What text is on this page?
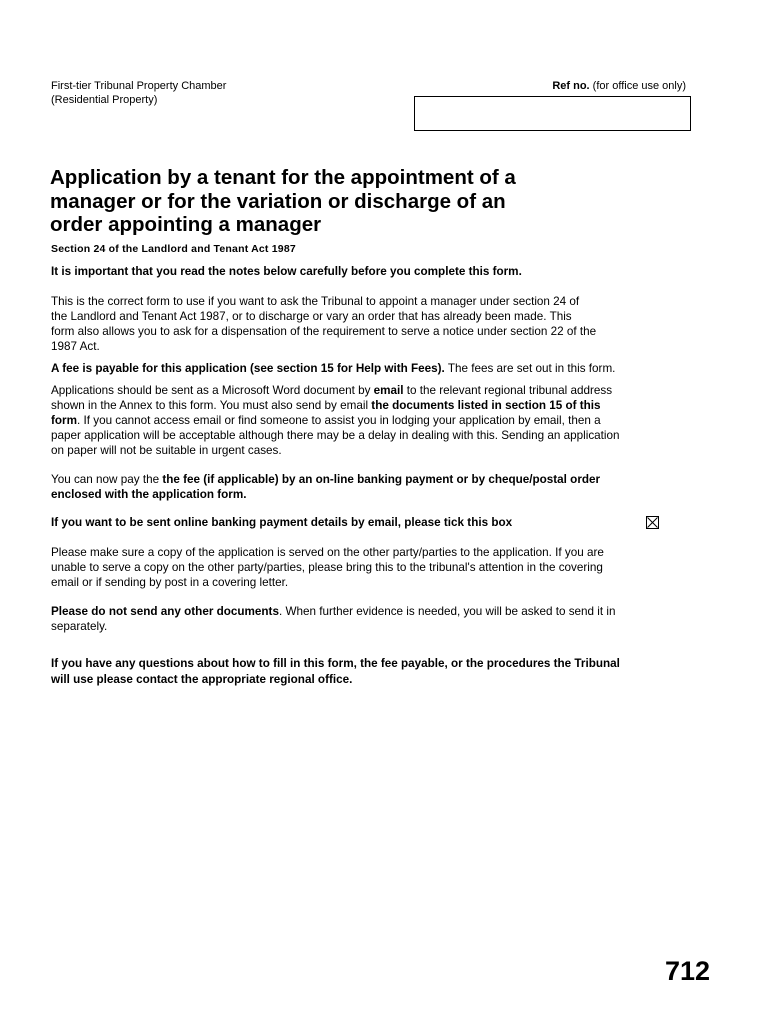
First-tier Tribunal Property Chamber
(Residential Property)
Ref no. (for office use only)
Application by a tenant for the appointment of a
manager or for the variation or discharge of an
order appointing a manager
Section 24 of the Landlord and Tenant Act 1987
It is important that you read the notes below carefully before you complete this form.
This is the correct form to use if you want to ask the Tribunal to appoint a manager under section 24 of
the Landlord and Tenant Act 1987, or to discharge or vary an order that has already been made. This
form also allows you to ask for a dispensation of the requirement to serve a notice under section 22 of the
1987 Act.
A fee is payable for this application (see section 15 for Help with Fees). The fees are set out in this form.
Applications should be sent as a Microsoft Word document by email to the relevant regional tribunal address
shown in the Annex to this form. You must also send by email the documents listed in section 15 of this
form. If you cannot access email or find someone to assist you in lodging your application by email, then a
paper application will be acceptable although there may be a delay in dealing with this. Sending an application
on paper will not be suitable in urgent cases.
You can now pay the the fee (if applicable) by an on-line banking payment or by cheque/postal order
enclosed with the application form.
If you want to be sent online banking payment details by email, please tick this box
Please make sure a copy of the application is served on the other party/parties to the application. If you are
unable to serve a copy on the other party/parties, please bring this to the tribunal's attention in the covering
email or if sending by post in a covering letter.
Please do not send any other documents. When further evidence is needed, you will be asked to send it in
separately.
If you have any questions about how to fill in this form, the fee payable, or the procedures the Tribunal
will use please contact the appropriate regional office.
712
